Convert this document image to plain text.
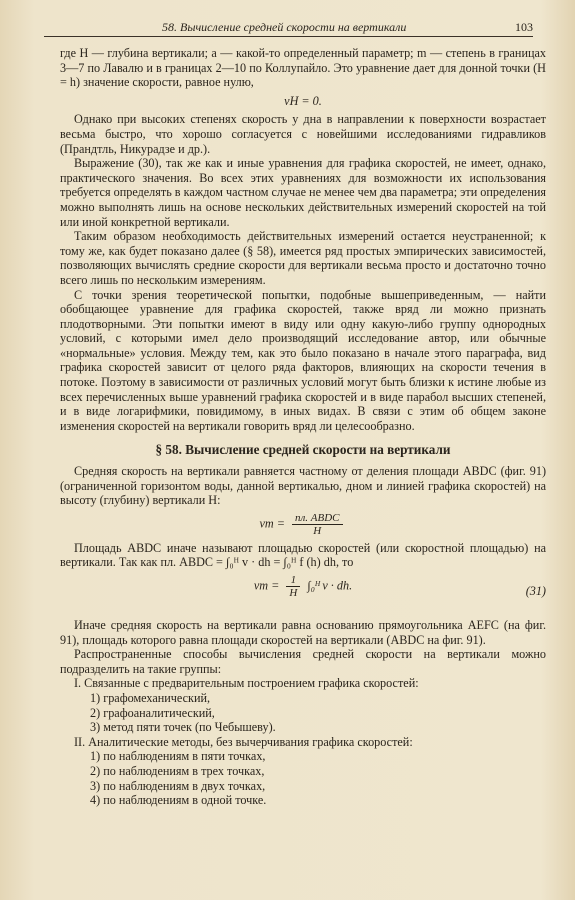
58. Вычисление средней скорости на вертикали	103

где H — глубина вертикали; a — какой-то определенный параметр; m — степень в границах 3—7 по Лавалю и в границах 2—10 по Коллупайло. Это уравнение дает для донной точки (H = h) значение скорости, равное нулю,

vH = 0.

Однако при высоких степенях скорость у дна в направлении к поверхности возрастает весьма быстро, что хорошо согласуется с новейшими исследованиями гидравликов (Прандтль, Никурадзе и др.).

Выражение (30), так же как и иные уравнения для графика скоростей, не имеет, однако, практического значения. Во всех этих уравнениях для возможности их использования требуется определять в каждом частном случае не менее чем два параметра; эти определения можно выполнять лишь на основе нескольких действительных измерений скоростей на той или иной конкретной вертикали.

Таким образом необходимость действительных измерений остается неустраненной; к тому же, как будет показано далее (§ 58), имеется ряд простых эмпирических зависимостей, позволяющих вычислять средние скорости для вертикали весьма просто и достаточно точно всего лишь по нескольким измерениям.

С точки зрения теоретической попытки, подобные вышеприведенным, — найти обобщающее уравнение для графика скоростей, также вряд ли можно признать плодотворными. Эти попытки имеют в виду или одну какую-либо группу однородных условий, с которыми имел дело производящий исследование автор, или обычные «нормальные» условия. Между тем, как это было показано в начале этого параграфа, вид графика скоростей зависит от целого ряда факторов, влияющих на скорости течения в потоке. Поэтому в зависимости от различных условий могут быть близки к истине любые из всех перечисленных выше уравнений графика скоростей и в виде парабол высших степеней, и в виде логарифмики, повидимому, в иных видах. В связи с этим об общем законе изменения скоростей на вертикали говорить вряд ли целесообразно.

§ 58. Вычисление средней скорости на вертикали

Средняя скорость на вертикали равняется частному от деления площади ABDC (фиг. 91) (ограниченной горизонтом воды, данной вертикалью, дном и линией графика скоростей) на высоту (глубину) вертикали H:

vm = пл. ABDC
H

Площадь ABDC иначе называют площадью скоростей (или скоростной площадью) на вертикали. Так как пл. ABDC = ∫₀ᴴ v · dh = ∫₀ᴴ f (h) dh, то

vm = $\frac{1}{H}$ ∫₀ᴴ v · dh.	(31)

Иначе средняя скорость на вертикали равна основанию прямоугольника AEFC (на фиг. 91), площадь которого равна площади скоростей на вертикали (ABDC на фиг. 91).

Распространенные способы вычисления средней скорости на вертикали можно подразделить на такие группы:

I. Связанные с предварительным построением графика скоростей:
1) графомеханический,
2) графоаналитический,
3) метод пяти точек (по Чебышеву).
II. Аналитические методы, без вычерчивания графика скоростей:
1) по наблюдениям в пяти точках,
2) по наблюдениям в трех точках,
3) по наблюдениям в двух точках,
4) по наблюдениям в одной точке.
